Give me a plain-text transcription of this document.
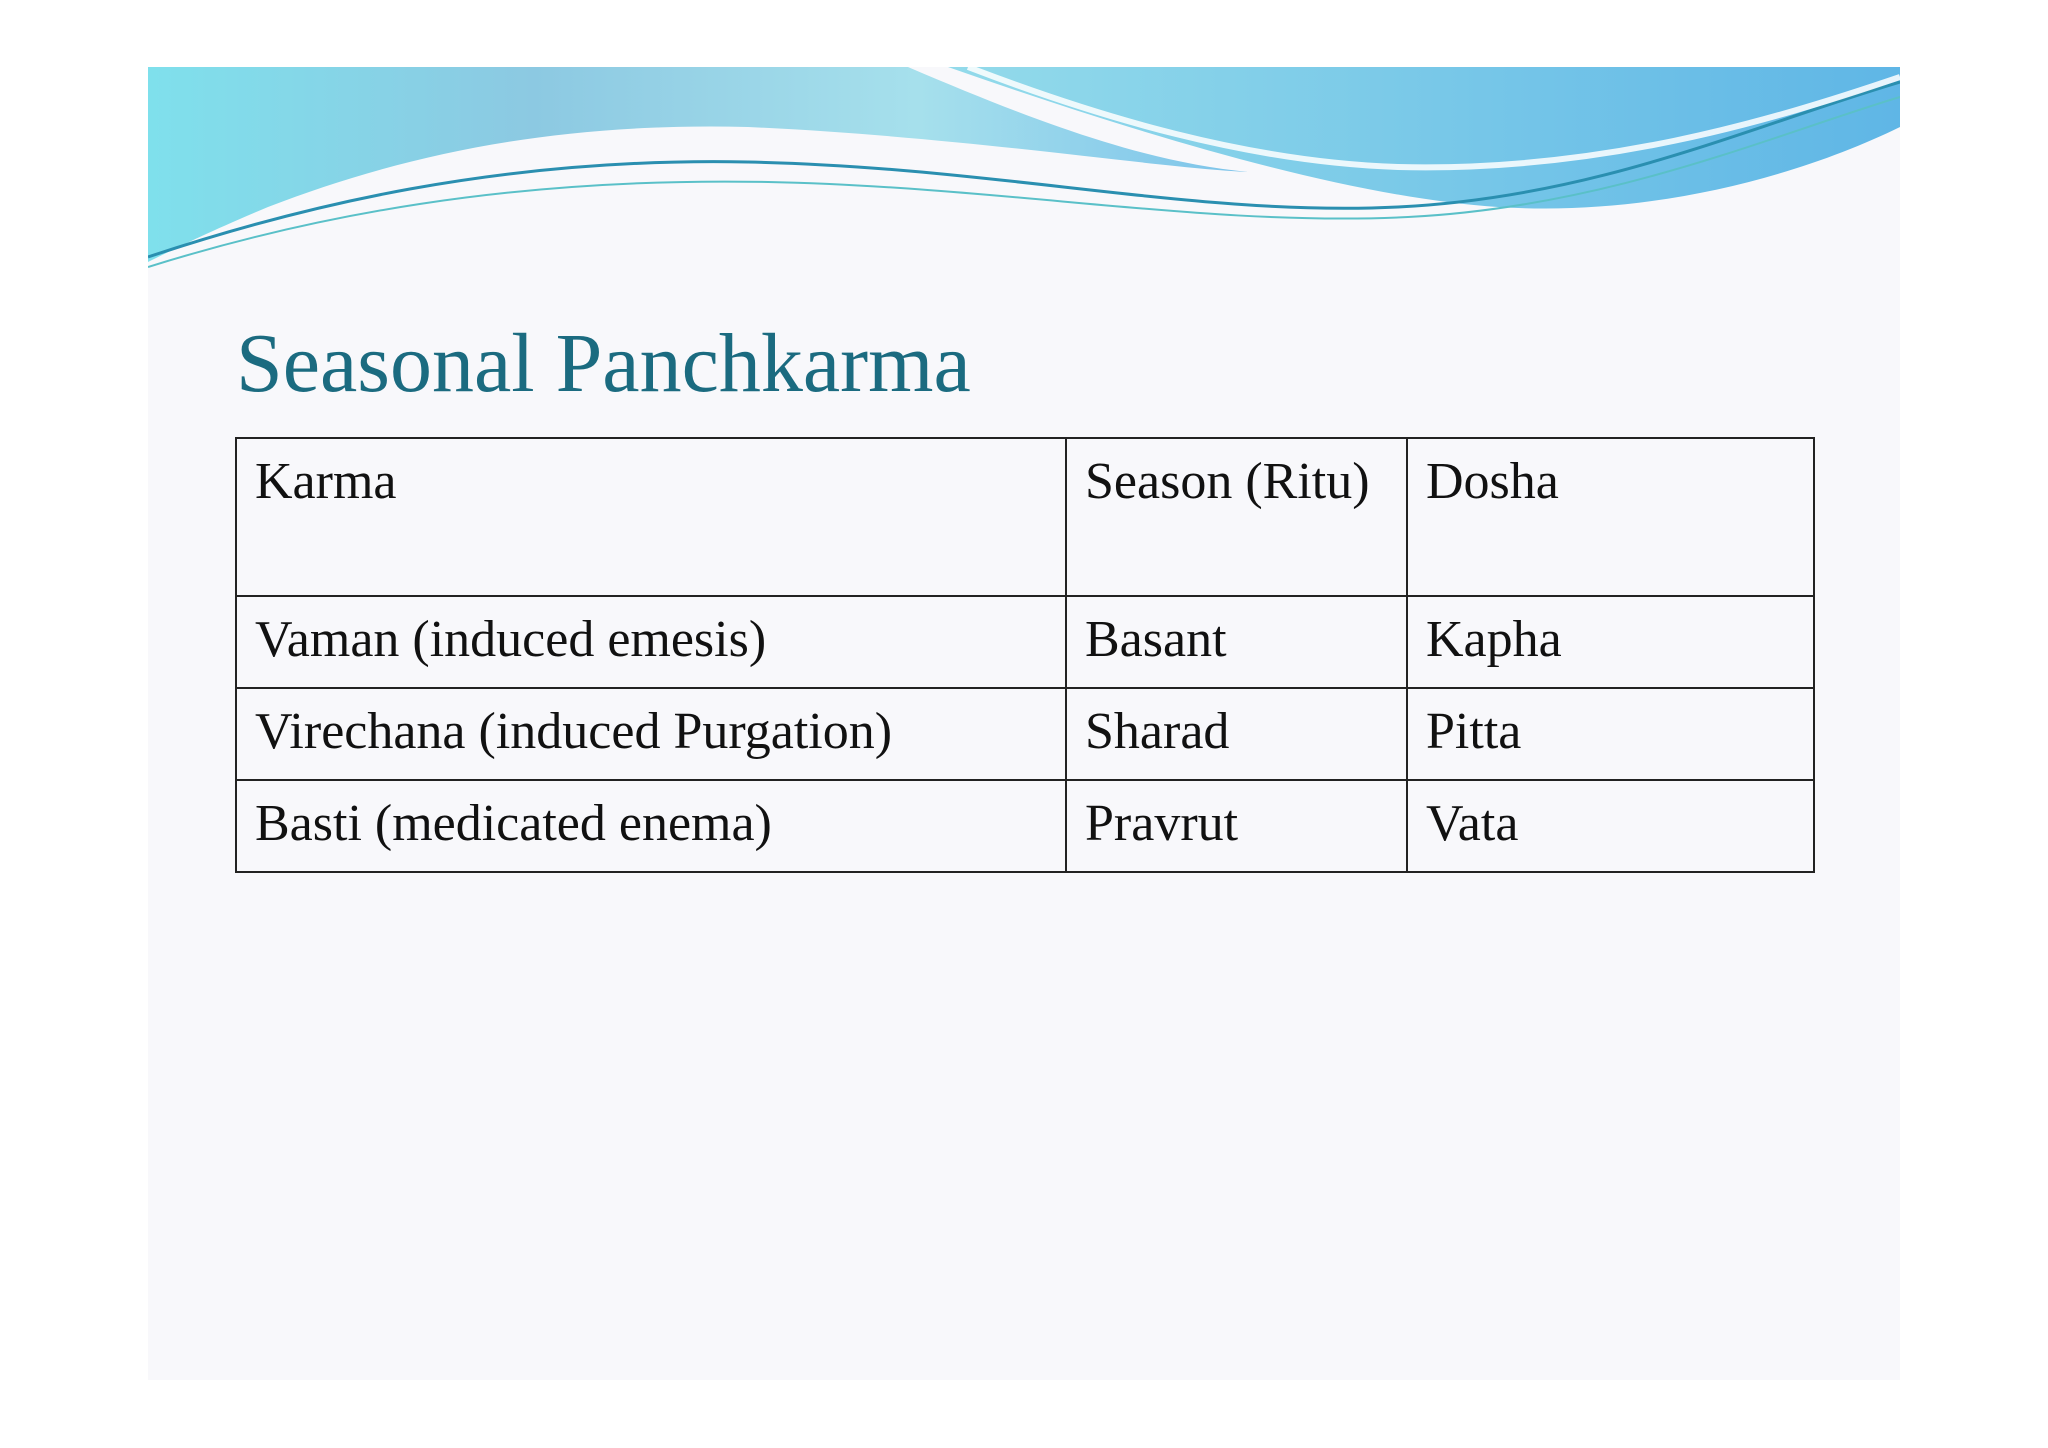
Seasonal Panchkarma
Karma	Season (Ritu)	Dosha
Vaman (induced emesis)	Basant	Kapha
Virechana (induced Purgation)	Sharad	Pitta
Basti (medicated enema)	Pravrut	Vata
